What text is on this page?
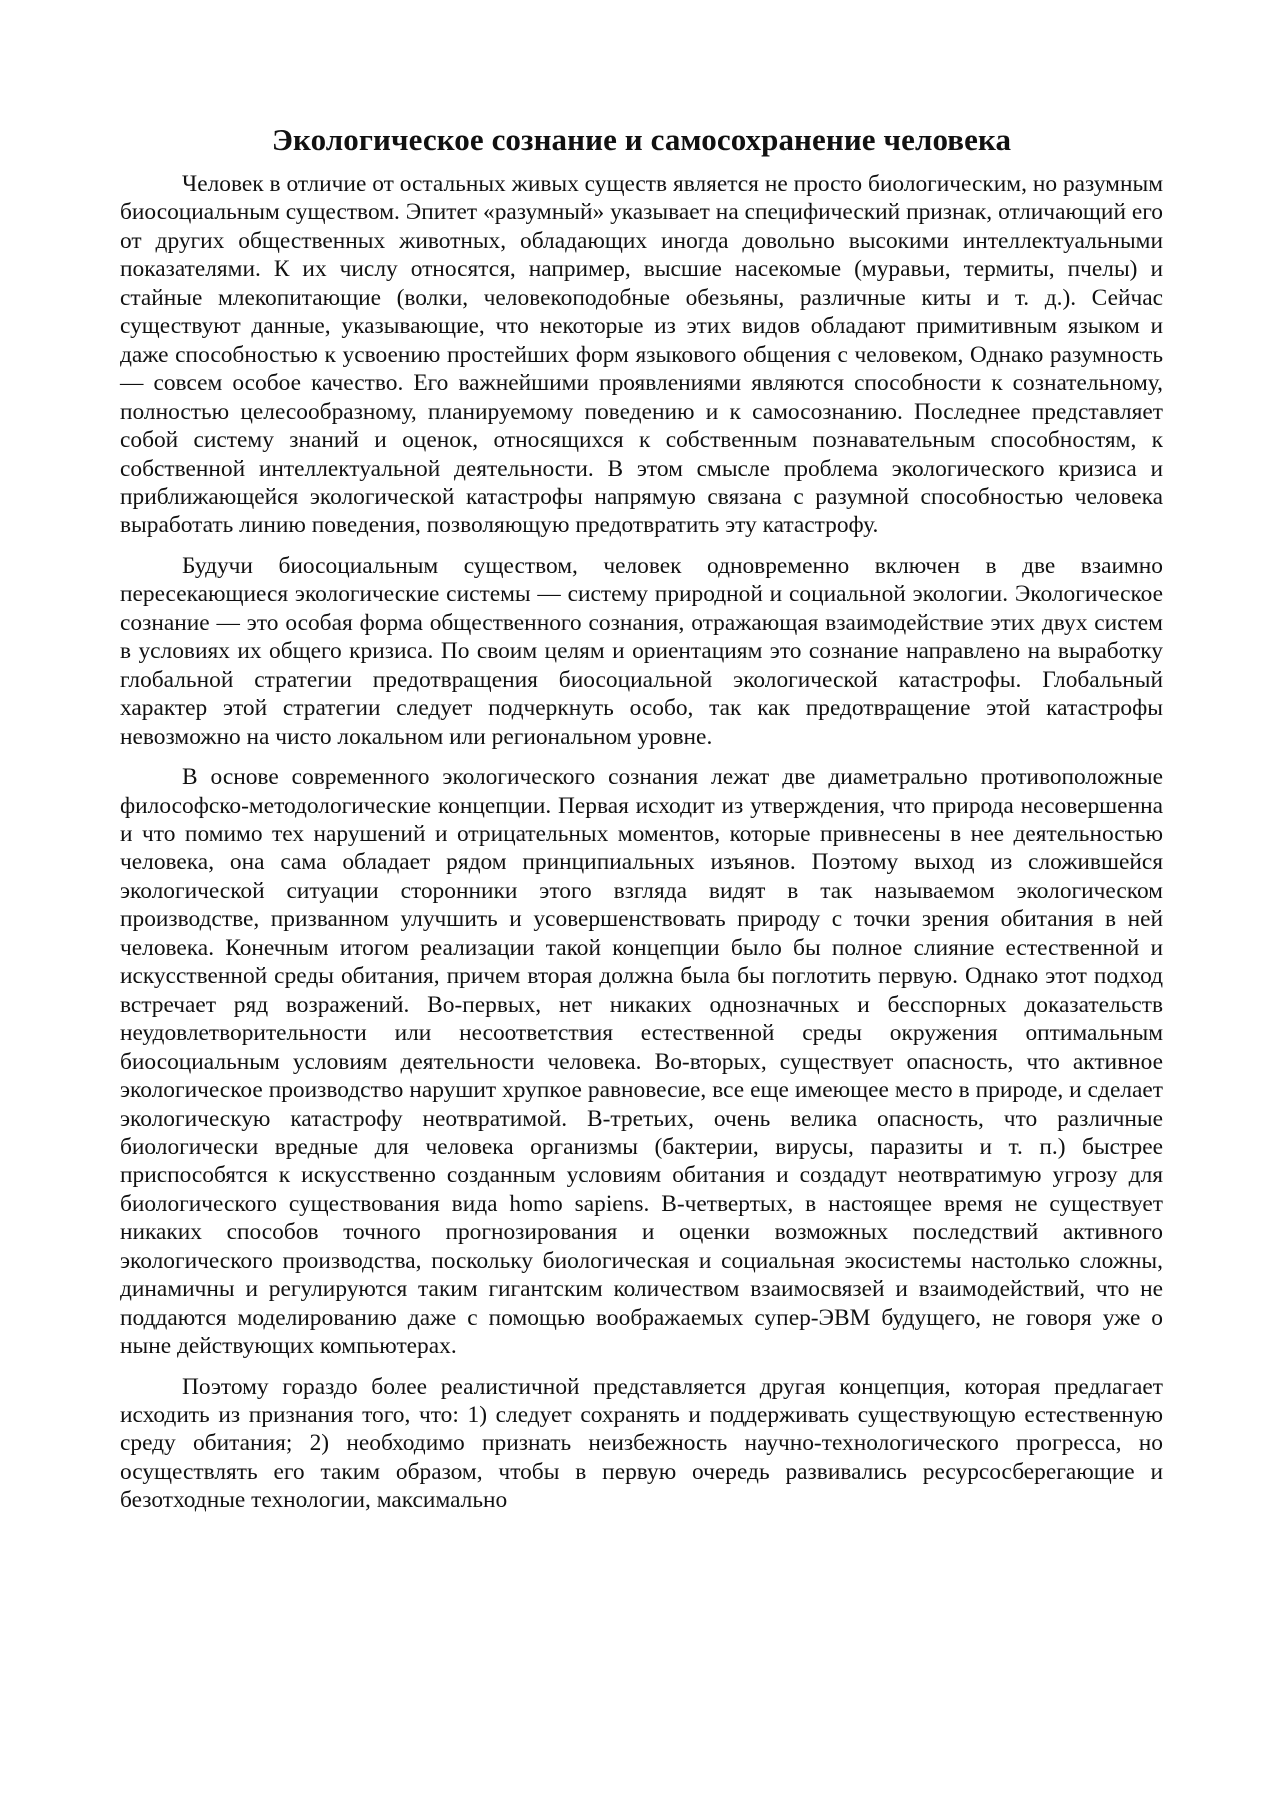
Экологическое сознание и самосохранение человека

Человек в отличие от остальных живых существ является не просто биологическим, но разумным биосоциальным существом. Эпитет «разумный» указывает на специфический признак, отличающий его от других общественных животных, обладающих иногда довольно высокими интеллектуальными показателями. К их числу относятся, например, высшие насекомые (муравьи, термиты, пчелы) и стайные млекопитающие (волки, человекоподобные обезьяны, различные киты и т. д.). Сейчас существуют данные, указывающие, что некоторые из этих видов обладают примитивным языком и даже способностью к усвоению простейших форм языкового общения с человеком, Однако разумность — совсем особое качество. Его важнейшими проявлениями являются способности к сознательному, полностью целесообразному, планируемому поведению и к самосознанию. Последнее представляет собой систему знаний и оценок, относящихся к собственным познавательным способностям, к собственной интеллектуальной деятельности. В этом смысле проблема экологического кризиса и приближающейся экологической катастрофы напрямую связана с разумной способностью человека выработать линию поведения, позволяющую предотвратить эту катастрофу.

Будучи биосоциальным существом, человек одновременно включен в две взаимно пересекающиеся экологические системы — систему природной и социальной экологии. Экологическое сознание — это особая форма общественного сознания, отражающая взаимодействие этих двух систем в условиях их общего кризиса. По своим целям и ориентациям это сознание направлено на выработку глобальной стратегии предотвращения биосоциальной экологической катастрофы. Глобальный характер этой стратегии следует подчеркнуть особо, так как предотвращение этой катастрофы невозможно на чисто локальном или региональном уровне.

В основе современного экологического сознания лежат две диаметрально противоположные философско-методологические концепции. Первая исходит из утверждения, что природа несовершенна и что помимо тех нарушений и отрицательных моментов, которые привнесены в нее деятельностью человека, она сама обладает рядом принципиальных изъянов. Поэтому выход из сложившейся экологической ситуации сторонники этого взгляда видят в так называемом экологическом производстве, призванном улучшить и усовершенствовать природу с точки зрения обитания в ней человека. Конечным итогом реализации такой концепции было бы полное слияние естественной и искусственной среды обитания, причем вторая должна была бы поглотить первую. Однако этот подход встречает ряд возражений. Во-первых, нет никаких однозначных и бесспорных доказательств неудовлетворительности или несоответствия естественной среды окружения оптимальным биосоциальным условиям деятельности человека. Во-вторых, существует опасность, что активное экологическое производство нарушит хрупкое равновесие, все еще имеющее место в природе, и сделает экологическую катастрофу неотвратимой. В-третьих, очень велика опасность, что различные биологически вредные для человека организмы (бактерии, вирусы, паразиты и т. п.) быстрее приспособятся к искусственно созданным условиям обитания и создадут неотвратимую угрозу для биологического существования вида homo sapiens. В-четвертых, в настоящее время не существует никаких способов точного прогнозирования и оценки возможных последствий активного экологического производства, поскольку биологическая и социальная экосистемы настолько сложны, динамичны и регулируются таким гигантским количеством взаимосвязей и взаимодействий, что не поддаются моделированию даже с помощью воображаемых супер-ЭВМ будущего, не говоря уже о ныне действующих компьютерах.

Поэтому гораздо более реалистичной представляется другая концепция, которая предлагает исходить из признания того, что: 1) следует сохранять и поддерживать существующую естественную среду обитания; 2) необходимо признать неизбежность научно-технологического прогресса, но осуществлять его таким образом, чтобы в первую очередь развивались ресурсосберегающие и безотходные технологии, максимально
